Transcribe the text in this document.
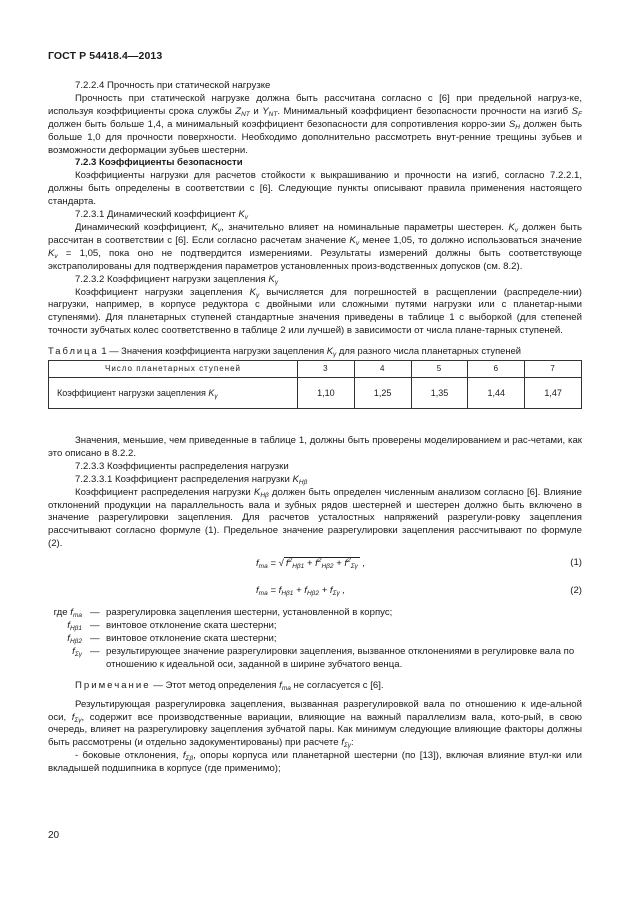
ГОСТ Р 54418.4—2013

7.2.2.4 Прочность при статической нагрузке

Прочность при статической нагрузке должна быть рассчитана согласно с [6] при предельной нагруз-ке, используя коэффициенты срока службы $Z_{NT}$ и $Y_{NT}$. Минимальный коэффициент безопасности прочности на изгиб $S_F$ должен быть больше 1,4, а минимальный коэффициент безопасности для сопротивления корро-зии $S_H$ должен быть больше 1,0 для прочности поверхности. Необходимо дополнительно рассмотреть внут-ренние трещины зубьев и возможности деформации зубьев шестерни.

7.2.3 Коэффициенты безопасности

Коэффициенты нагрузки для расчетов стойкости к выкрашиванию и прочности на изгиб, согласно 7.2.2.1, должны быть определены в соответствии с [6]. Следующие пункты описывают правила применения настоящего стандарта.

7.2.3.1 Динамический коэффициент $K_v$

Динамический коэффициент, $K_v$, значительно влияет на номинальные параметры шестерен. $K_v$ должен быть рассчитан в соответствии с [6]. Если согласно расчетам значение $K_v$ менее 1,05, то должно использоваться значение $K_v = 1,05$, пока оно не подтвердится измерениями. Результаты измерений должны быть соответствующе экстраполированы для подтверждения параметров установленных произ-водственных допусков (см. 8.2).

7.2.3.2 Коэффициент нагрузки зацепления $K_\gamma$

Коэффициент нагрузки зацепления $K_\gamma$ вычисляется для погрешностей в расщеплении (распределе-нии) нагрузки, например, в корпусе редуктора с двойными или сложными путями нагрузки или с планетар-ными ступенями). Для планетарных ступеней стандартные значения приведены в таблице 1 с выборкой (для степеней точности зубчатых колес соответственно в таблице 2 или лучшей) в зависимости от числа плане-тарных ступеней.

Таблица 1 — Значения коэффициента нагрузки зацепления $K_\gamma$ для разного числа планетарных ступеней

Число планетарных ступеней	3	4	5	6	7
Коэффициент нагрузки зацепления $K_\gamma$	1,10	1,25	1,35	1,44	1,47

Значения, меньшие, чем приведенные в таблице 1, должны быть проверены моделированием и рас-четами, как это описано в 8.2.2.

7.2.3.3 Коэффициенты распределения нагрузки

7.2.3.3.1 Коэффициент распределения нагрузки $K_{H\beta}$

Коэффициент распределения нагрузки $K_{H\beta}$ должен быть определен численным анализом согласно [6]. Влияние отклонений продукции на параллельность вала и зубных рядов шестерней и шестерен должно быть включено в значение разрегулировки зацепления. Для расчетов усталостных напряжений разрегули-ровку зацепления рассчитывают согласно формуле (1). Предельное значение разрегулировки зацепления рассчитывают по формуле (2).

$f_{ma}$ = √ $f^2_{H\beta 1} + f^2_{H\beta 2} + f^2_{\Sigma\gamma}$ ,	(1)
$f_{ma} = f_{H\beta 1} + f_{H\beta 2} + f_{\Sigma\gamma}$ ,	(2)
где $f_{ma}$ — разрегулировка зацепления шестерни, установленной в корпус;
$f_{H\beta 1}$ — винтовое отклонение ската шестерни;
$f_{H\beta 2}$ — винтовое отклонение ската шестерни;
$f_{\Sigma\gamma}$ — результирующее значение разрегулировки зацепления, вызванное отклонениями в регулировке вала по отношению к идеальной оси, заданной в ширине зубчатого венца.

Примечание — Этот метод определения $f_{ma}$ не согласуется с [6].

Результирующая разрегулировка зацепления, вызванная разрегулировкой вала по отношению к иде-альной оси, $f_{\Sigma\gamma}$, содержит все производственные вариации, влияющие на важный параллелизм вала, кото-рый, в свою очередь, влияет на разрегулировку зацепления зубчатой пары. Как минимум следующие влияющие факторы должны быть рассмотрены (и отдельно задокументированы) при расчете $f_{\Sigma\gamma}$:

- боковые отклонения, $f_{\Sigma\beta}$, опоры корпуса или планетарной шестерни (по [13]), включая влияние втул-ки или вкладышей подшипника в корпусе (где применимо);

20
